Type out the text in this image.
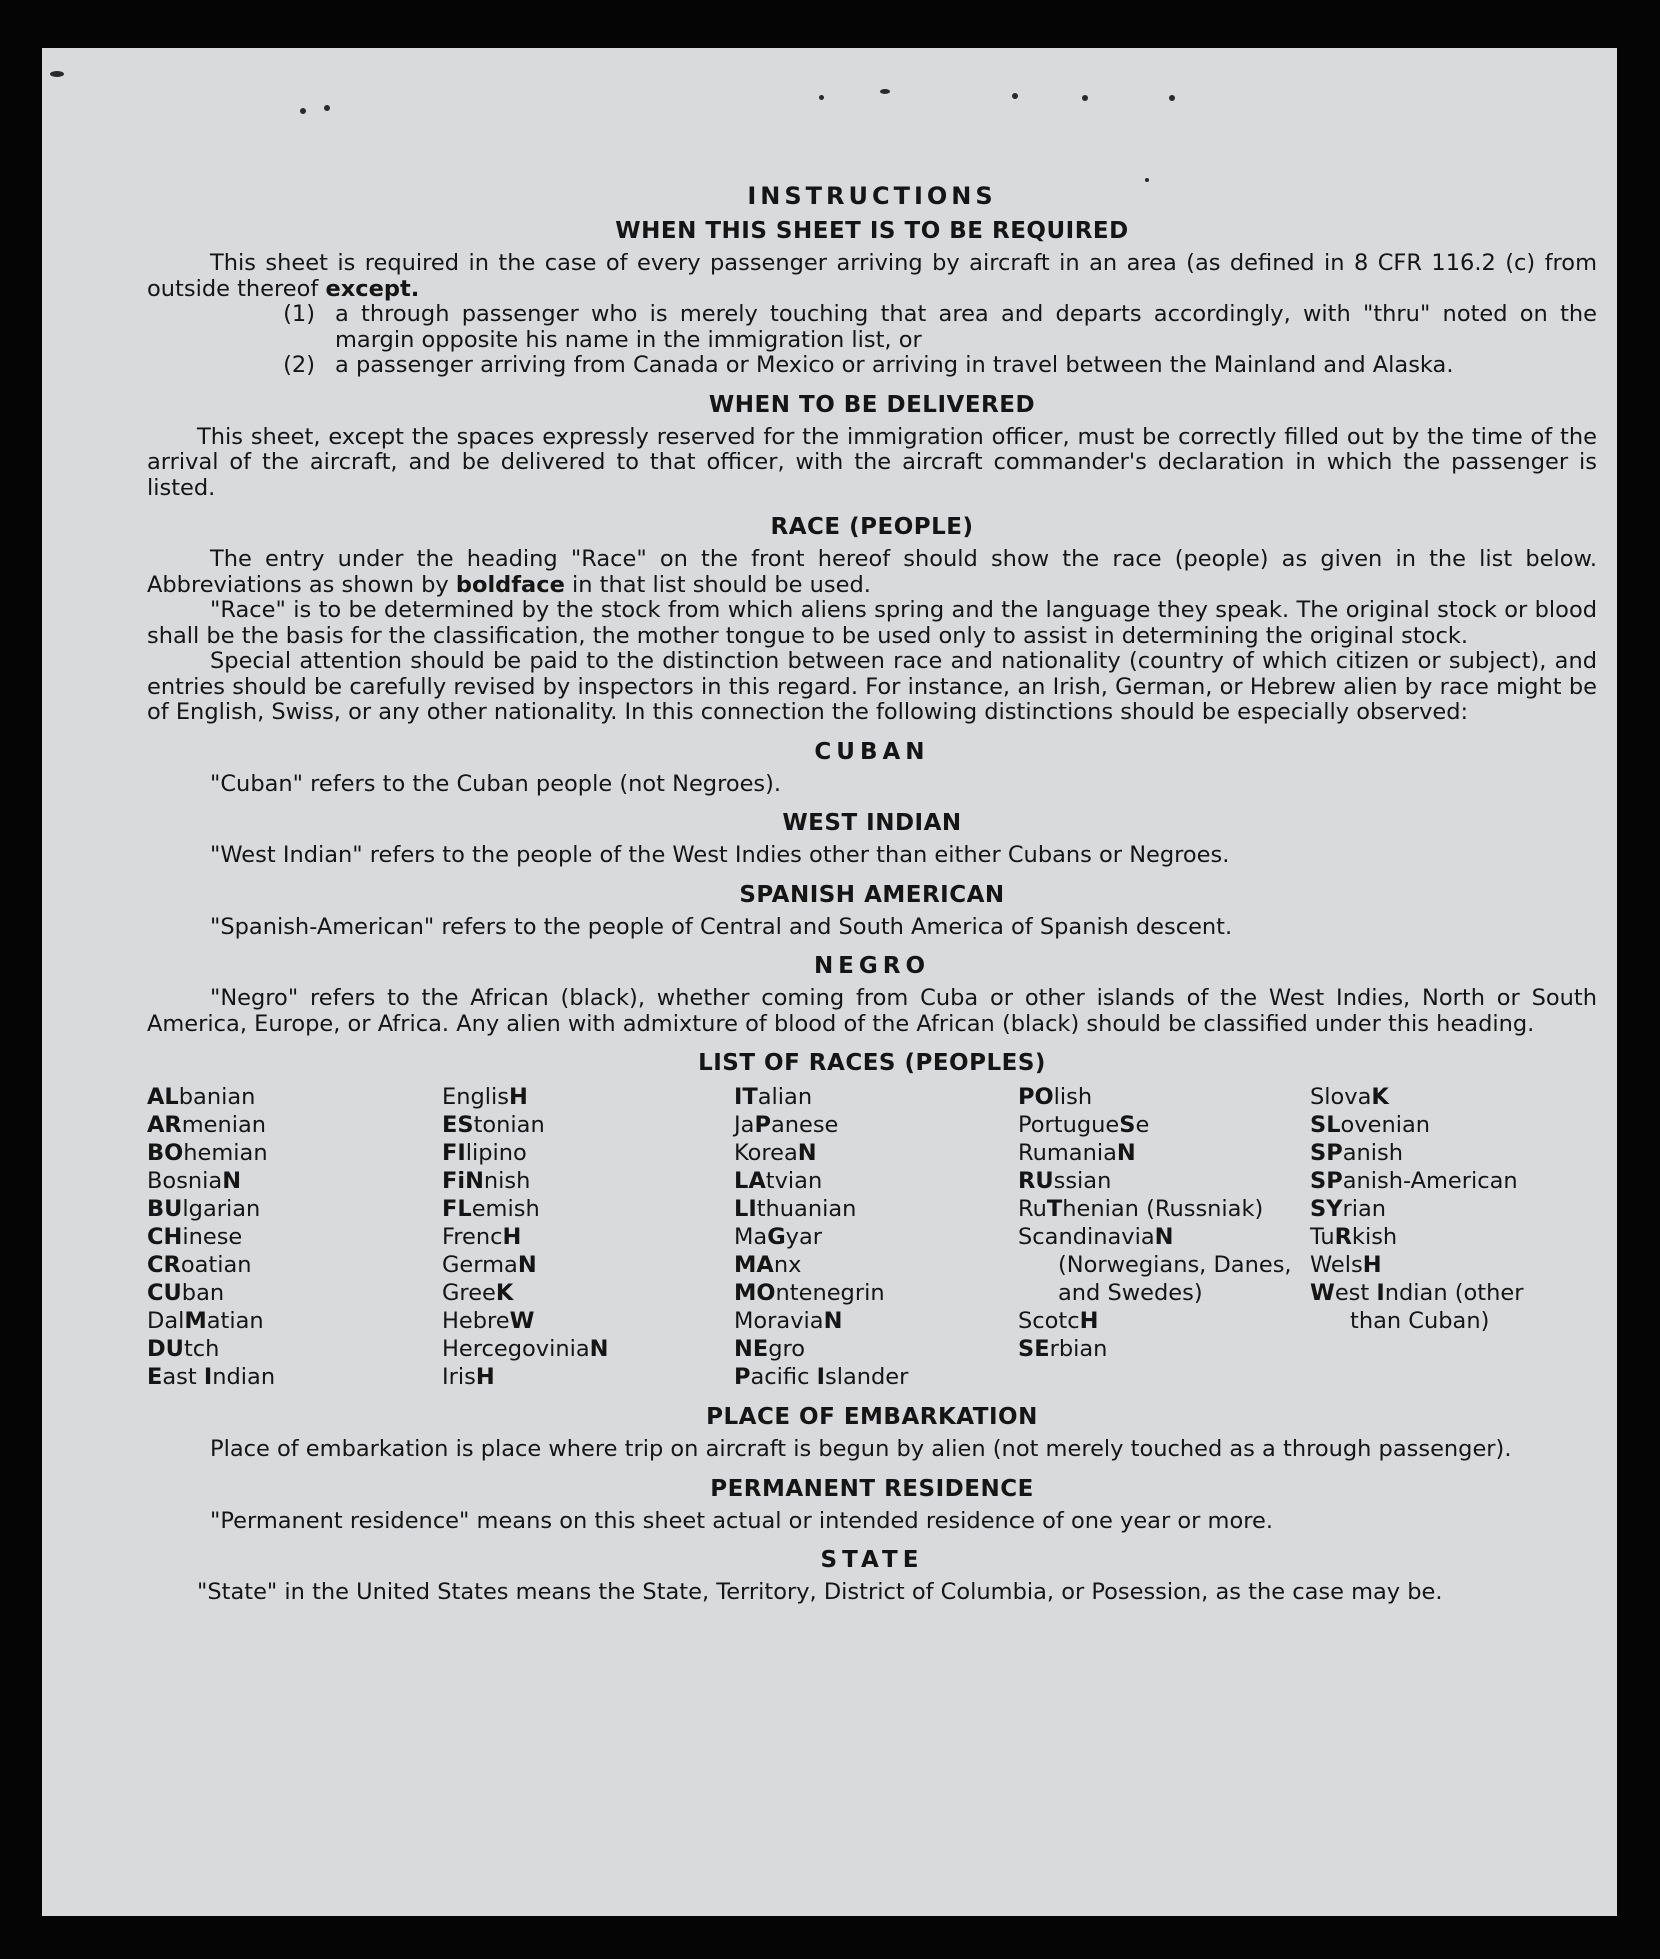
INSTRUCTIONS
WHEN THIS SHEET IS TO BE REQUIRED

This sheet is required in the case of every passenger arriving by aircraft in an area (as defined in 8 CFR 116.2 (c) from outside thereof except.

(1) a through passenger who is merely touching that area and departs accordingly, with "thru" noted on the margin opposite his name in the immigration list, or
(2) a passenger arriving from Canada or Mexico or arriving in travel between the Mainland and Alaska.
WHEN TO BE DELIVERED

This sheet, except the spaces expressly reserved for the immigration officer, must be correctly filled out by the time of the arrival of the aircraft, and be delivered to that officer, with the aircraft commander's declaration in which the passenger is listed.

RACE (PEOPLE)

The entry under the heading "Race" on the front hereof should show the race (people) as given in the list below. Abbreviations as shown by boldface in that list should be used.

"Race" is to be determined by the stock from which aliens spring and the language they speak. The original stock or blood shall be the basis for the classification, the mother tongue to be used only to assist in determining the original stock.

Special attention should be paid to the distinction between race and nationality (country of which citizen or subject), and entries should be carefully revised by inspectors in this regard. For instance, an Irish, German, or Hebrew alien by race might be of English, Swiss, or any other nationality. In this connection the following distinctions should be especially observed:

CUBAN

"Cuban" refers to the Cuban people (not Negroes).

WEST INDIAN

"West Indian" refers to the people of the West Indies other than either Cubans or Negroes.

SPANISH AMERICAN

"Spanish-American" refers to the people of Central and South America of Spanish descent.

NEGRO

"Negro" refers to the African (black), whether coming from Cuba or other islands of the West Indies, North or South America, Europe, or Africa. Any alien with admixture of blood of the African (black) should be classified under this heading.

LIST OF RACES (PEOPLES)
ALbanian
ARmenian
BOhemian
BosniaN
BUlgarian
CHinese
CRoatian
CUban
DalMatian
DUtch
East Indian
EnglisH
EStonian
FIlipino
FiNnish
FLemish
FrencH
GermaN
GreeK
HebreW
HercegoviniaN
IrisH
ITalian
JaPanese
KoreaN
LAtvian
LIthuanian
MaGyar
MAnx
MOntenegrin
MoraviaN
NEgro
Pacific Islander
POlish
PortugueSe
RumaniaN
RUssian
RuThenian (Russniak)
ScandinaviaN
(Norwegians, Danes, and Swedes)
ScotcH
SErbian
SlovaK
SLovenian
SPanish
SPanish-American
SYrian
TuRkish
WelsH
West Indian (other
than Cuban)
PLACE OF EMBARKATION

Place of embarkation is place where trip on aircraft is begun by alien (not merely touched as a through passenger).

PERMANENT RESIDENCE

"Permanent residence" means on this sheet actual or intended residence of one year or more.

STATE

"State" in the United States means the State, Territory, District of Columbia, or Posession, as the case may be.
